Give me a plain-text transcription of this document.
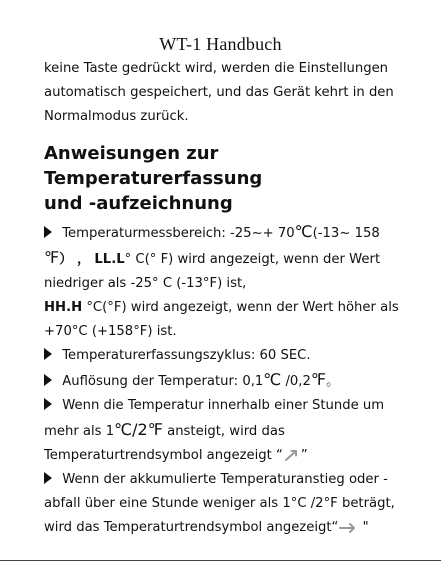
WT-1 Handbuch

keine Taste gedrückt wird, werden die Einstellungen
automatisch gespeichert, und das Gerät kehrt in den
Normalmodus zurück.

Anweisungen zur Temperaturerfassung
und -aufzeichnung
Temperaturmessbereich: -25~+ 70℃(-13~ 158
℉） ， LL.L° C(° F) wird angezeigt, wenn der Wert
niedriger als -25° C (-13°F) ist,
HH.H °C(°F) wird angezeigt, wenn der Wert höher als
+70°C (+158°F) ist.
Temperaturerfassungszyklus: 60 SEC.
Auflösung der Temperatur: 0,1℃ /0,2℉。
Wenn die Temperatur innerhalb einer Stunde um
mehr als 1℃/2℉ ansteigt, wird das
Temperaturtrendsymbol angezeigt “ ”
Wenn der akkumulierte Temperaturanstieg oder -
abfall über eine Stunde weniger als 1°C /2°F beträgt,
wird das Temperaturtrendsymbol angezeigt“
"
